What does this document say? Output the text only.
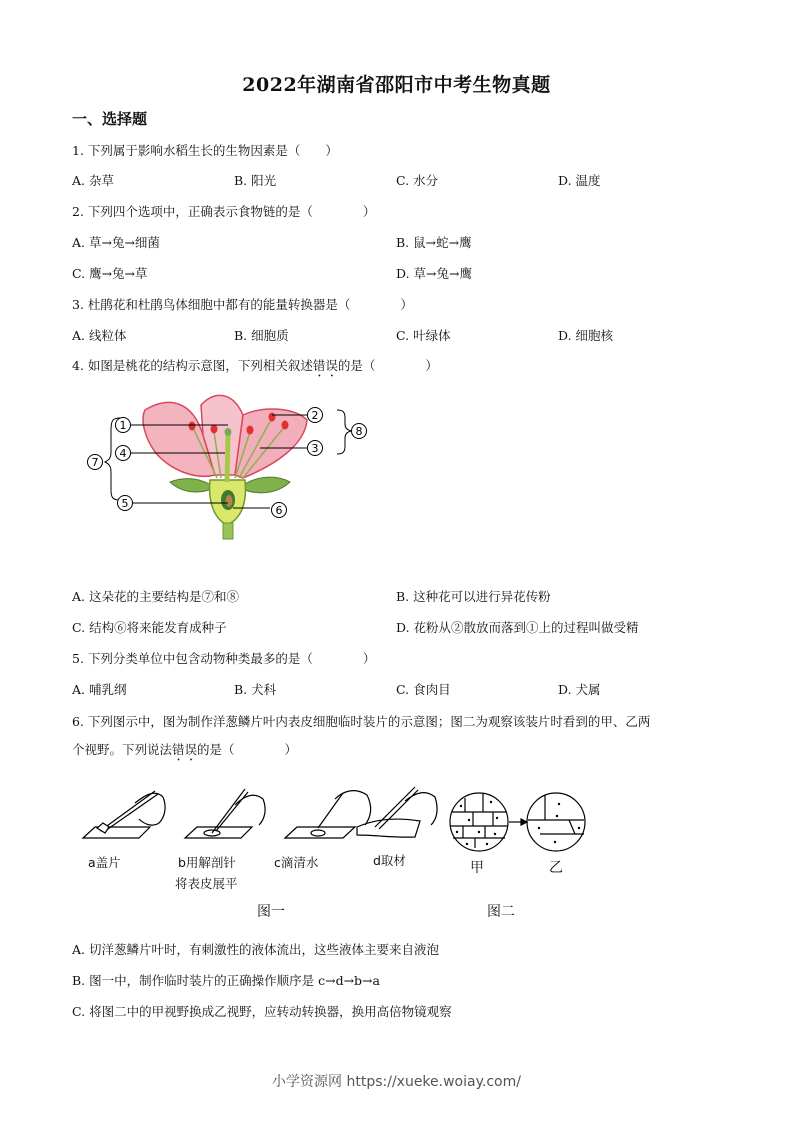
2022年湖南省邵阳市中考生物真题
一、选择题
1. 下列属于影响水稻生长的生物因素是（　　）
A. 杂草	B. 阳光	C. 水分	D. 温度
2. 下列四个选项中，正确表示食物链的是（　　　　）
A. 草→兔→细菌	B. 鼠→蛇→鹰
C. 鹰→兔→草	D. 草→兔→鹰
3. 杜鹃花和杜鹃鸟体细胞中都有的能量转换器是（　　　　）
A. 线粒体	B. 细胞质	C. 叶绿体	D. 细胞核
4. 如图是桃花的结构示意图，下列相关叙述错误的是（　　　　）
1
2
3
4
5
6
7
8
A. 这朵花的主要结构是⑦和⑧	B. 这种花可以进行异花传粉
C. 结构⑥将来能发育成种子	D. 花粉从②散放而落到①上的过程叫做受精
5. 下列分类单位中包含动物种类最多的是（　　　　）
A. 哺乳纲	B. 犬科	C. 食肉目	D. 犬属
6. 下列图示中，图为制作洋葱鳞片叶内表皮细胞临时装片的示意图；图二为观察该装片时看到的甲、乙两
个视野。下列说法错误的是（　　　　）
a盖片	b用解剖针
将表皮展平
c滴清水	d取材
图一
甲	乙
图二
A. 切洋葱鳞片叶时，有刺激性的液体流出，这些液体主要来自液泡
B. 图一中，制作临时装片的正确操作顺序是 c→d→b→a
C. 将图二中的甲视野换成乙视野，应转动转换器，换用高倍物镜观察
小学资源网 https://xueke.woiay.com/
